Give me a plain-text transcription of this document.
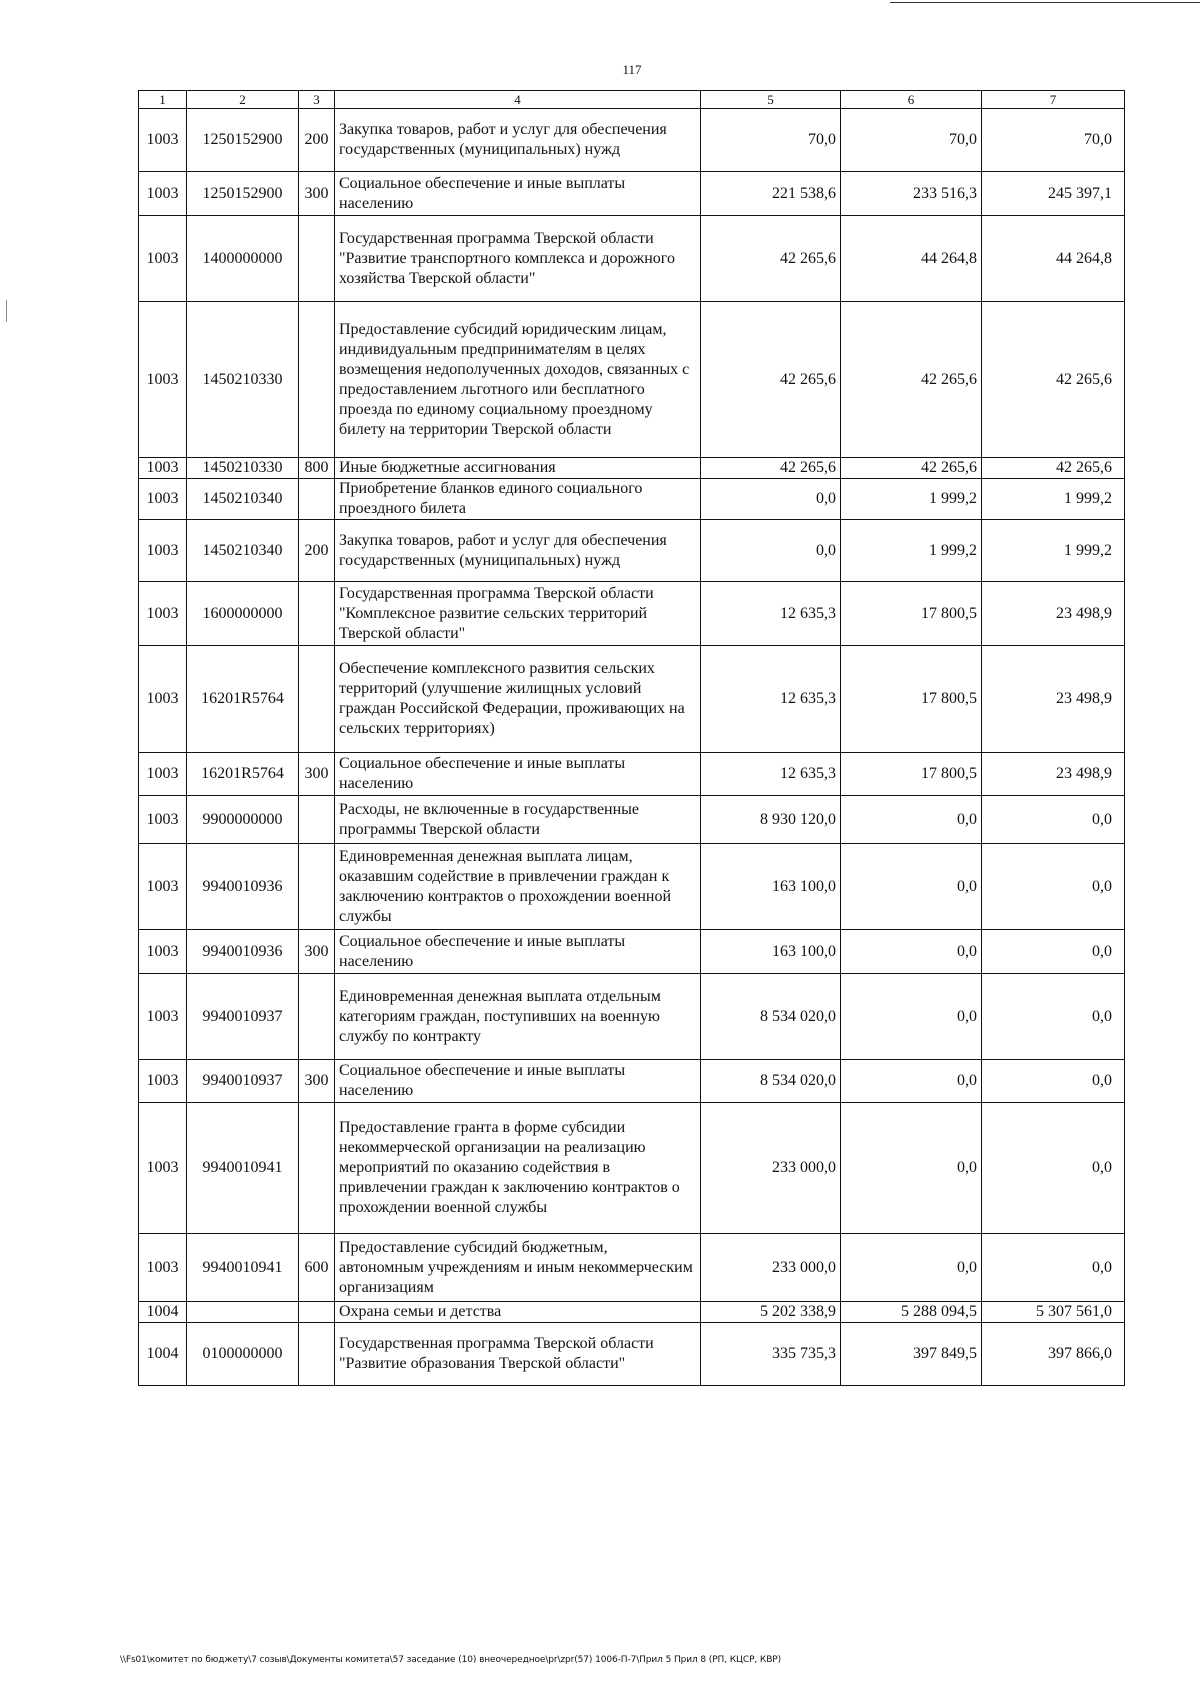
117
1	2	3	4	5	6	7
1003	1250152900	200	Закупка товаров, работ и услуг для обеспечения государственных (муниципальных) нужд	70,0	70,0	70,0
1003	1250152900	300	Социальное обеспечение и иные выплаты населению	221 538,6	233 516,3	245 397,1
1003	1400000000		Государственная программа Тверской области "Развитие транспортного комплекса и дорожного хозяйства Тверской области"	42 265,6	44 264,8	44 264,8
1003	1450210330		Предоставление субсидий юридическим лицам, индивидуальным предпринимателям в целях возмещения недополученных доходов, связанных с предоставлением льготного или бесплатного проезда по единому социальному проездному билету на территории Тверской области	42 265,6	42 265,6	42 265,6
1003	1450210330	800	Иные бюджетные ассигнования	42 265,6	42 265,6	42 265,6
1003	1450210340		Приобретение бланков единого социального проездного билета	0,0	1 999,2	1 999,2
1003	1450210340	200	Закупка товаров, работ и услуг для обеспечения государственных (муниципальных) нужд	0,0	1 999,2	1 999,2
1003	1600000000		Государственная программа Тверской области "Комплексное развитие сельских территорий Тверской области"	12 635,3	17 800,5	23 498,9
1003	16201R5764		Обеспечение комплексного развития сельских территорий (улучшение жилищных условий граждан Российской Федерации, проживающих на сельских территориях)	12 635,3	17 800,5	23 498,9
1003	16201R5764	300	Социальное обеспечение и иные выплаты населению	12 635,3	17 800,5	23 498,9
1003	9900000000		Расходы, не включенные в государственные программы Тверской области	8 930 120,0	0,0	0,0
1003	9940010936		Единовременная денежная выплата лицам, оказавшим содействие в привлечении граждан к заключению контрактов о прохождении военной службы	163 100,0	0,0	0,0
1003	9940010936	300	Социальное обеспечение и иные выплаты населению	163 100,0	0,0	0,0
1003	9940010937		Единовременная денежная выплата отдельным категориям граждан, поступивших на военную службу по контракту	8 534 020,0	0,0	0,0
1003	9940010937	300	Социальное обеспечение и иные выплаты населению	8 534 020,0	0,0	0,0
1003	9940010941		Предоставление гранта в форме субсидии некоммерческой организации на реализацию мероприятий по оказанию содействия в привлечении граждан к заключению контрактов о прохождении военной службы	233 000,0	0,0	0,0
1003	9940010941	600	Предоставление субсидий бюджетным, автономным учреждениям и иным некоммерческим организациям	233 000,0	0,0	0,0
1004			Охрана семьи и детства	5 202 338,9	5 288 094,5	5 307 561,0
1004	0100000000		Государственная программа Тверской области "Развитие образования Тверской области"	335 735,3	397 849,5	397 866,0
\\Fs01\комитет по бюджету\7 созыв\Документы комитета\57 заседание (10) внеочередное\pr\zpr(57) 1006-П-7\Прил 5 Прил 8 (РП, КЦСР, КВР)
